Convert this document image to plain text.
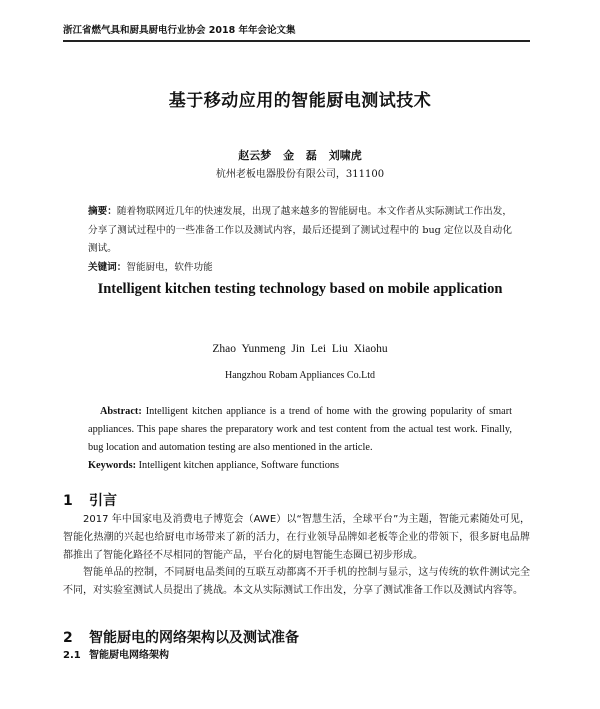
浙江省燃气具和厨具厨电行业协会 2018 年年会论文集
基于移动应用的智能厨电测试技术
赵云梦 金 磊 刘啸虎
杭州老板电器股份有限公司，311100
摘要：随着物联网近几年的快速发展，出现了越来越多的智能厨电。本文作者从实际测试工作出发，分享了测试过程中的一些准备工作以及测试内容，最后还提到了测试过程中的 bug 定位以及自动化测试。
关键词：智能厨电，软件功能
Intelligent kitchen testing technology based on mobile application
Zhao Yunmeng Jin Lei Liu Xiaohu
Hangzhou Robam Appliances Co.Ltd
Abstract: Intelligent kitchen appliance is a trend of home with the growing popularity of smart appliances. This pape shares the preparatory work and test content from the actual test work. Finally, bug location and automation testing are also mentioned in the article.
Keywords: Intelligent kitchen appliance, Software functions
1 引言

2017 年中国家电及消费电子博览会（AWE）以“智慧生活，全球平台”为主题，智能元素随处可见，智能化热潮的兴起也给厨电市场带来了新的活力，在行业领导品牌如老板等企业的带领下，很多厨电品牌都推出了智能化路径不尽相同的智能产品，平台化的厨电智能生态圈已初步形成。

智能单品的控制，不同厨电品类间的互联互动都离不开手机的控制与显示，这与传统的软件测试完全不同，对实验室测试人员提出了挑战。本文从实际测试工作出发，分享了测试准备工作以及测试内容等。

2 智能厨电的网络架构以及测试准备
2.1 智能厨电网络架构
